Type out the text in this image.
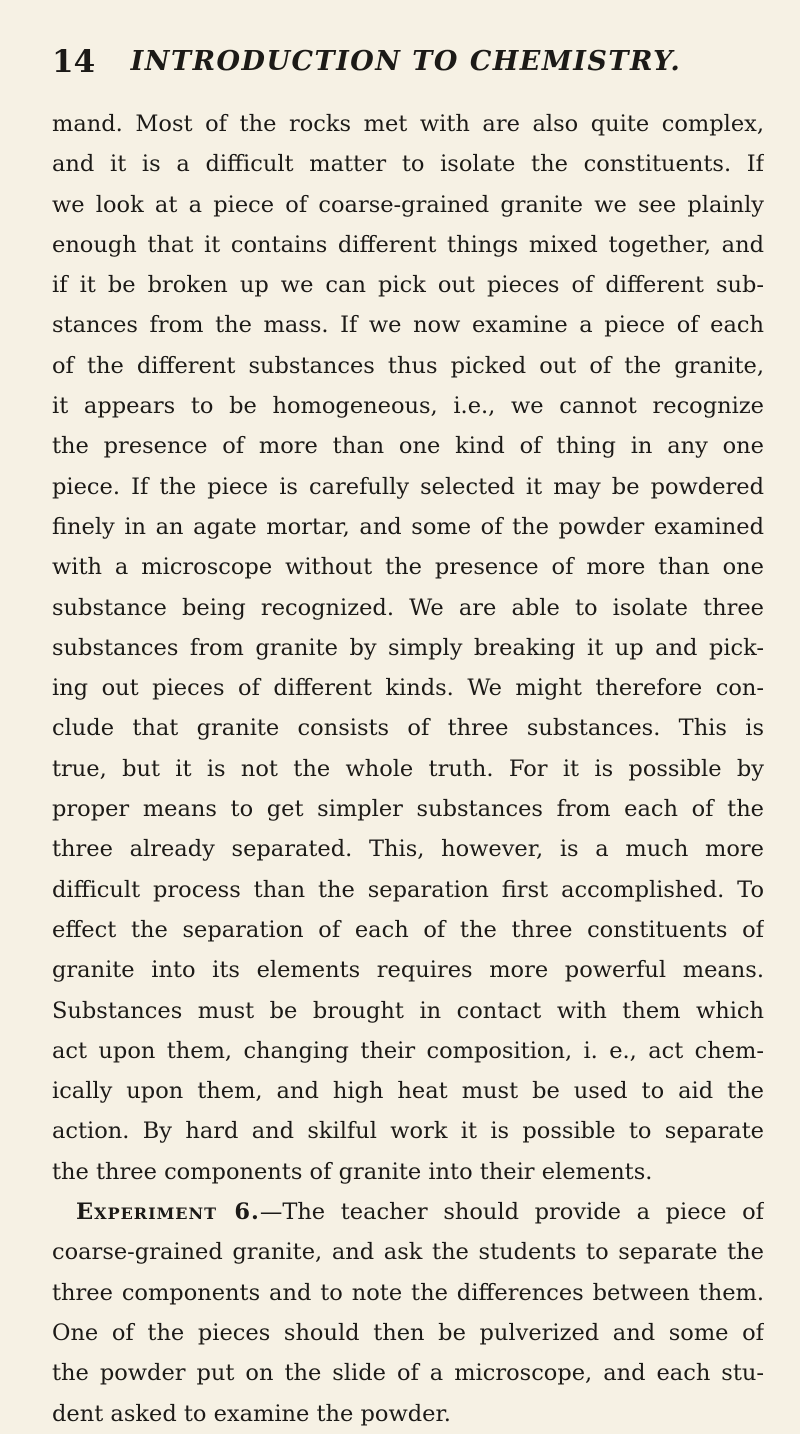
14	INTRODUCTION TO CHEMISTRY.
mand. Most of the rocks met with are also quite complex,
and it is a difficult matter to isolate the constituents. If
we look at a piece of coarse-grained granite we see plainly
enough that it contains different things mixed together, and
if it be broken up we can pick out pieces of different sub-
stances from the mass. If we now examine a piece of each
of the different substances thus picked out of the granite,
it appears to be homogeneous, i.e., we cannot recognize
the presence of more than one kind of thing in any one
piece. If the piece is carefully selected it may be powdered
finely in an agate mortar, and some of the powder examined
with a microscope without the presence of more than one
substance being recognized. We are able to isolate three
substances from granite by simply breaking it up and pick-
ing out pieces of different kinds. We might therefore con-
clude that granite consists of three substances. This is
true, but it is not the whole truth. For it is possible by
proper means to get simpler substances from each of the
three already separated. This, however, is a much more
difficult process than the separation first accomplished. To
effect the separation of each of the three constituents of
granite into its elements requires more powerful means.
Substances must be brought in contact with them which
act upon them, changing their composition, i. e., act chem-
ically upon them, and high heat must be used to aid the
action. By hard and skilful work it is possible to separate
the three components of granite into their elements.
Experiment 6.—The teacher should provide a piece of
coarse-grained granite, and ask the students to separate the
three components and to note the differences between them.
One of the pieces should then be pulverized and some of
the powder put on the slide of a microscope, and each stu-
dent asked to examine the powder.
